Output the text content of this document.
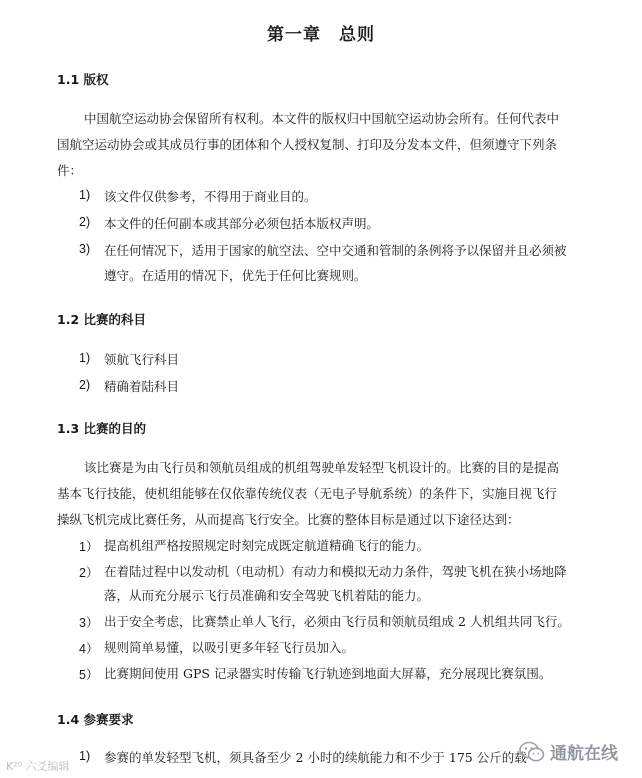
第一章　总则
1.1 版权
中国航空运动协会保留所有权利。本文件的版权归中国航空运动协会所有。任何代表中
国航空运动协会或其成员行事的团体和个人授权复制、打印及分发本文件，但须遵守下列条
件：
1) 该文件仅供参考，不得用于商业目的。
2) 本文件的任何副本或其部分必须包括本版权声明。
3) 在任何情况下，适用于国家的航空法、空中交通和管制的条例将予以保留并且必须被
遵守。在适用的情况下，优先于任何比赛规则。
1.2 比赛的科目
1) 领航飞行科目
2) 精确着陆科目
1.3 比赛的目的
该比赛是为由飞行员和领航员组成的机组驾驶单发轻型飞机设计的。比赛的目的是提高
基本飞行技能，使机组能够在仅依靠传统仪表（无电子导航系统）的条件下，实施目视飞行
操纵飞机完成比赛任务，从而提高飞行安全。比赛的整体目标是通过以下途径达到：
1） 提高机组严格按照规定时刻完成既定航道精确飞行的能力。
2） 在着陆过程中以发动机（电动机）有动力和模拟无动力条件，驾驶飞机在狭小场地降
落，从而充分展示飞行员准确和安全驾驶飞机着陆的能力。
3） 出于安全考虑，比赛禁止单人飞行，必须由飞行员和领航员组成 2 人机组共同飞行。
4） 规则简单易懂，以吸引更多年轻飞行员加入。
5） 比赛期间使用 GPS 记录器实时传输飞行轨迹到地面大屏幕，充分展现比赛氛围。
1.4 参赛要求
1) 参赛的单发轻型飞机，须具备至少 2 小时的续航能力和不少于 175 公斤的载
K²⁰ 六爻编辑
通航在线
